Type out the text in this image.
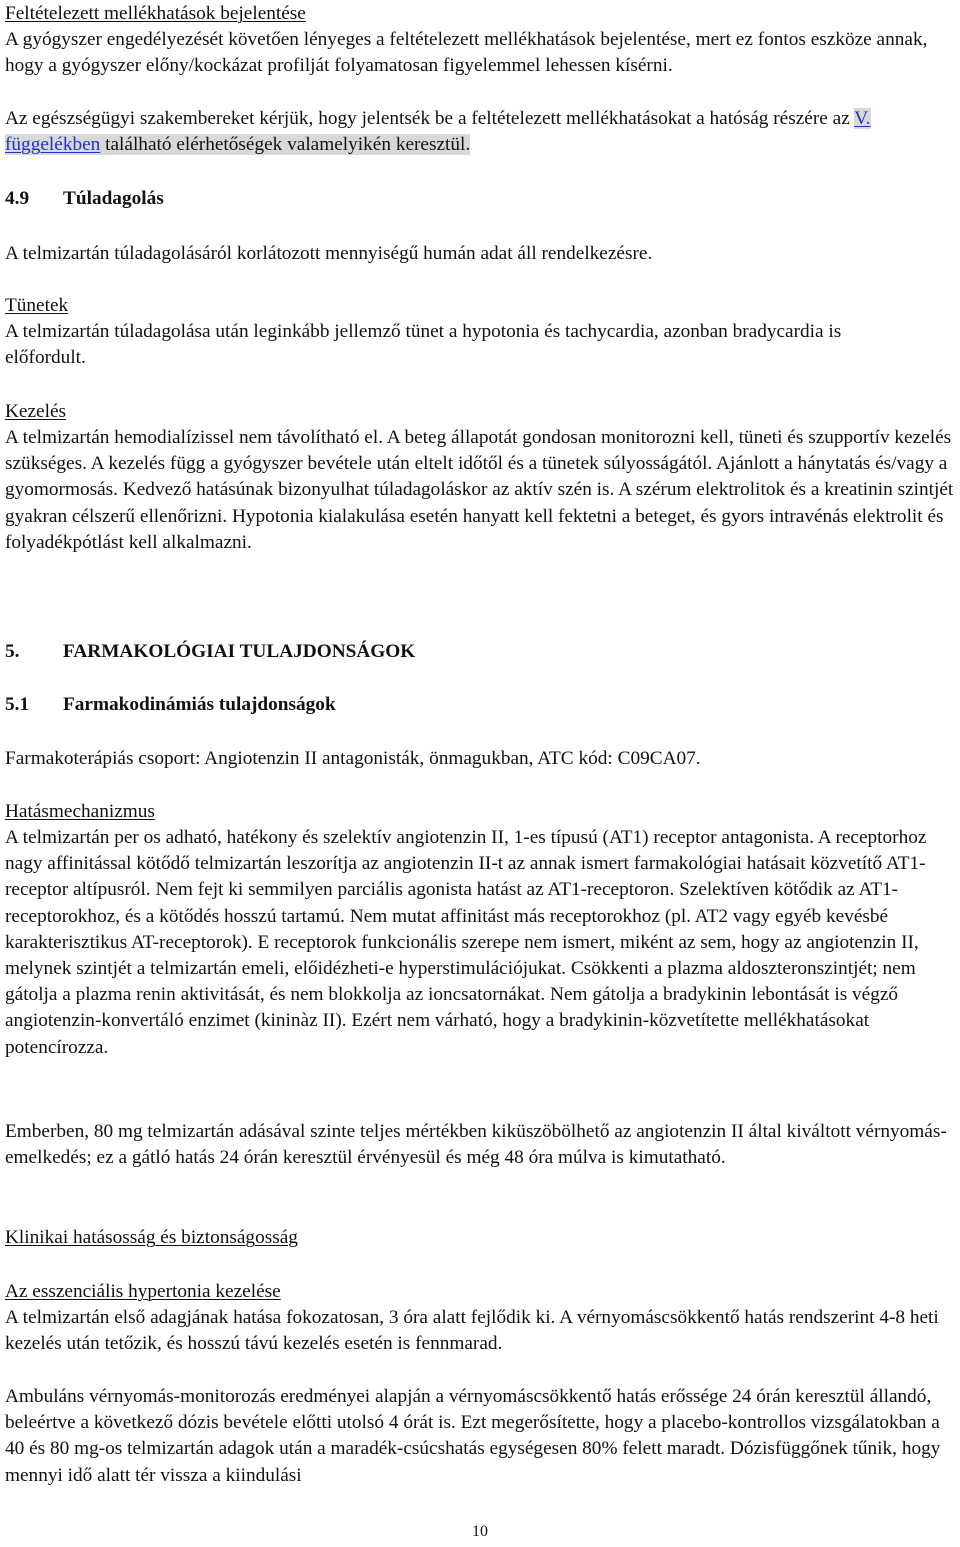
Feltételezett mellékhatások bejelentése

A gyógyszer engedélyezését követően lényeges a feltételezett mellékhatások bejelentése, mert ez fontos eszköze annak, hogy a gyógyszer előny/kockázat profilját folyamatosan figyelemmel lehessen kísérni.

Az egészségügyi szakembereket kérjük, hogy jelentsék be a feltételezett mellékhatásokat a hatóság részére az V. függelékben található elérhetőségek valamelyikén keresztül.

4.9	Túladagolás

A telmizartán túladagolásáról korlátozott mennyiségű humán adat áll rendelkezésre.

Tünetek

A telmizartán túladagolása után leginkább jellemző tünet a hypotonia és tachycardia, azonban bradycardia is előfordult.

Kezelés

A telmizartán hemodialízissel nem távolítható el. A beteg állapotát gondosan monitorozni kell, tüneti és szupportív kezelés szükséges. A kezelés függ a gyógyszer bevétele után eltelt időtől és a tünetek súlyosságától. Ajánlott a hánytatás és/vagy a gyomormosás. Kedvező hatásúnak bizonyulhat túladagoláskor az aktív szén is. A szérum elektrolitok és a kreatinin szintjét gyakran célszerű ellenőrizni. Hypotonia kialakulása esetén hanyatt kell fektetni a beteget, és gyors intravénás elektrolit és folyadékpótlást kell alkalmazni.

5.	FARMAKOLÓGIAI TULAJDONSÁGOK
5.1	Farmakodinámiás tulajdonságok

Farmakoterápiás csoport: Angiotenzin II antagonisták, önmagukban, ATC kód: C09CA07.

Hatásmechanizmus

A telmizartán per os adható, hatékony és szelektív angiotenzin II, 1-es típusú (AT1) receptor antagonista. A receptorhoz nagy affinitással kötődő telmizartán leszorítja az angiotenzin II-t az annak ismert farmakológiai hatásait közvetítő AT1-receptor altípusról. Nem fejt ki semmilyen parciális agonista hatást az AT1-receptoron. Szelektíven kötődik az AT1-receptorokhoz, és a kötődés hosszú tartamú. Nem mutat affinitást más receptorokhoz (pl. AT2 vagy egyéb kevésbé karakterisztikus AT-receptorok). E receptorok funkcionális szerepe nem ismert, miként az sem, hogy az angiotenzin II, melynek szintjét a telmizartán emeli, előidézheti-e hyperstimulációjukat. Csökkenti a plazma aldoszteronszintjét; nem gátolja a plazma renin aktivitását, és nem blokkolja az ioncsatornákat. Nem gátolja a bradykinin lebontását is végző angiotenzin-konvertáló enzimet (kininàz II). Ezért nem várható, hogy a bradykinin-közvetítette mellékhatásokat potencírozza.

Emberben, 80 mg telmizartán adásával szinte teljes mértékben kiküszöbölhető az angiotenzin II által kiváltott vérnyomás-emelkedés; ez a gátló hatás 24 órán keresztül érvényesül és még 48 óra múlva is kimutatható.

Klinikai hatásosság és biztonságosság

Az esszenciális hypertonia kezelése

A telmizartán első adagjának hatása fokozatosan, 3 óra alatt fejlődik ki. A vérnyomáscsökkentő hatás rendszerint 4-8 heti kezelés után tetőzik, és hosszú távú kezelés esetén is fennmarad.

Ambuláns vérnyomás-monitorozás eredményei alapján a vérnyomáscsökkentő hatás erőssége 24 órán keresztül állandó, beleértve a következő dózis bevétele előtti utolsó 4 órát is. Ezt megerősítette, hogy a placebo-kontrollos vizsgálatokban a 40 és 80 mg-os telmizartán adagok után a maradék-csúcshatás egységesen 80% felett maradt. Dózisfüggőnek tűnik, hogy mennyi idő alatt tér vissza a kiindulási

10
